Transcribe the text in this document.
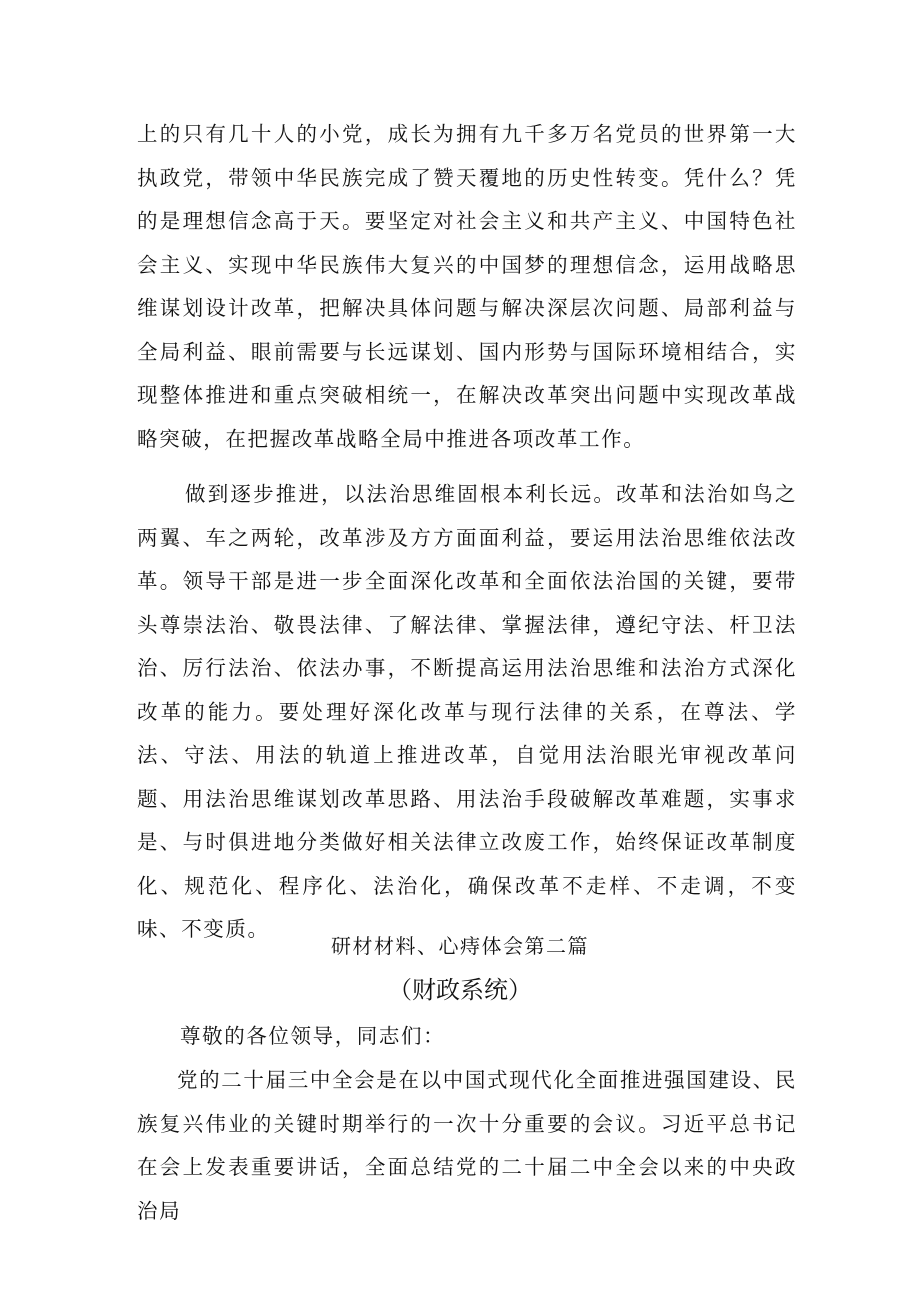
上的只有几十人的小党，成长为拥有九千多万名党员的世界第一大执政党，带领中华民族完成了赞天覆地的历史性转变。凭什么？凭的是理想信念高于天。要坚定对社会主义和共产主义、中国特色社会主义、实现中华民族伟大复兴的中国梦的理想信念，运用战略思维谋划设计改革，把解决具体问题与解决深层次问题、局部利益与全局利益、眼前需要与长远谋划、国内形势与国际环境相结合，实现整体推进和重点突破相统一，在解决改革突出问题中实现改革战略突破，在把握改革战略全局中推进各项改革工作。
做到逐步推进，以法治思维固根本利长远。改革和法治如鸟之两翼、车之两轮，改革涉及方方面面利益，要运用法治思维依法改革。领导干部是进一步全面深化改革和全面依法治国的关键，要带头尊崇法治、敬畏法律、了解法律、掌握法律，遵纪守法、杆卫法治、厉行法治、依法办事，不断提高运用法治思维和法治方式深化改革的能力。要处理好深化改革与现行法律的关系，在尊法、学法、守法、用法的轨道上推进改革，自觉用法治眼光审视改革问题、用法治思维谋划改革思路、用法治手段破解改革难题，实事求是、与时俱进地分类做好相关法律立改废工作，始终保证改革制度化、规范化、程序化、法治化，确保改革不走样、不走调，不变味、不变质。
研材材料、心痔体会第二篇
（财政系统）
尊敬的各位领导，同志们：
党的二十届三中全会是在以中国式现代化全面推进强国建设、民族复兴伟业的关键时期举行的一次十分重要的会议。习近平总书记在会上发表重要讲话，全面总结党的二十届二中全会以来的中央政治局
